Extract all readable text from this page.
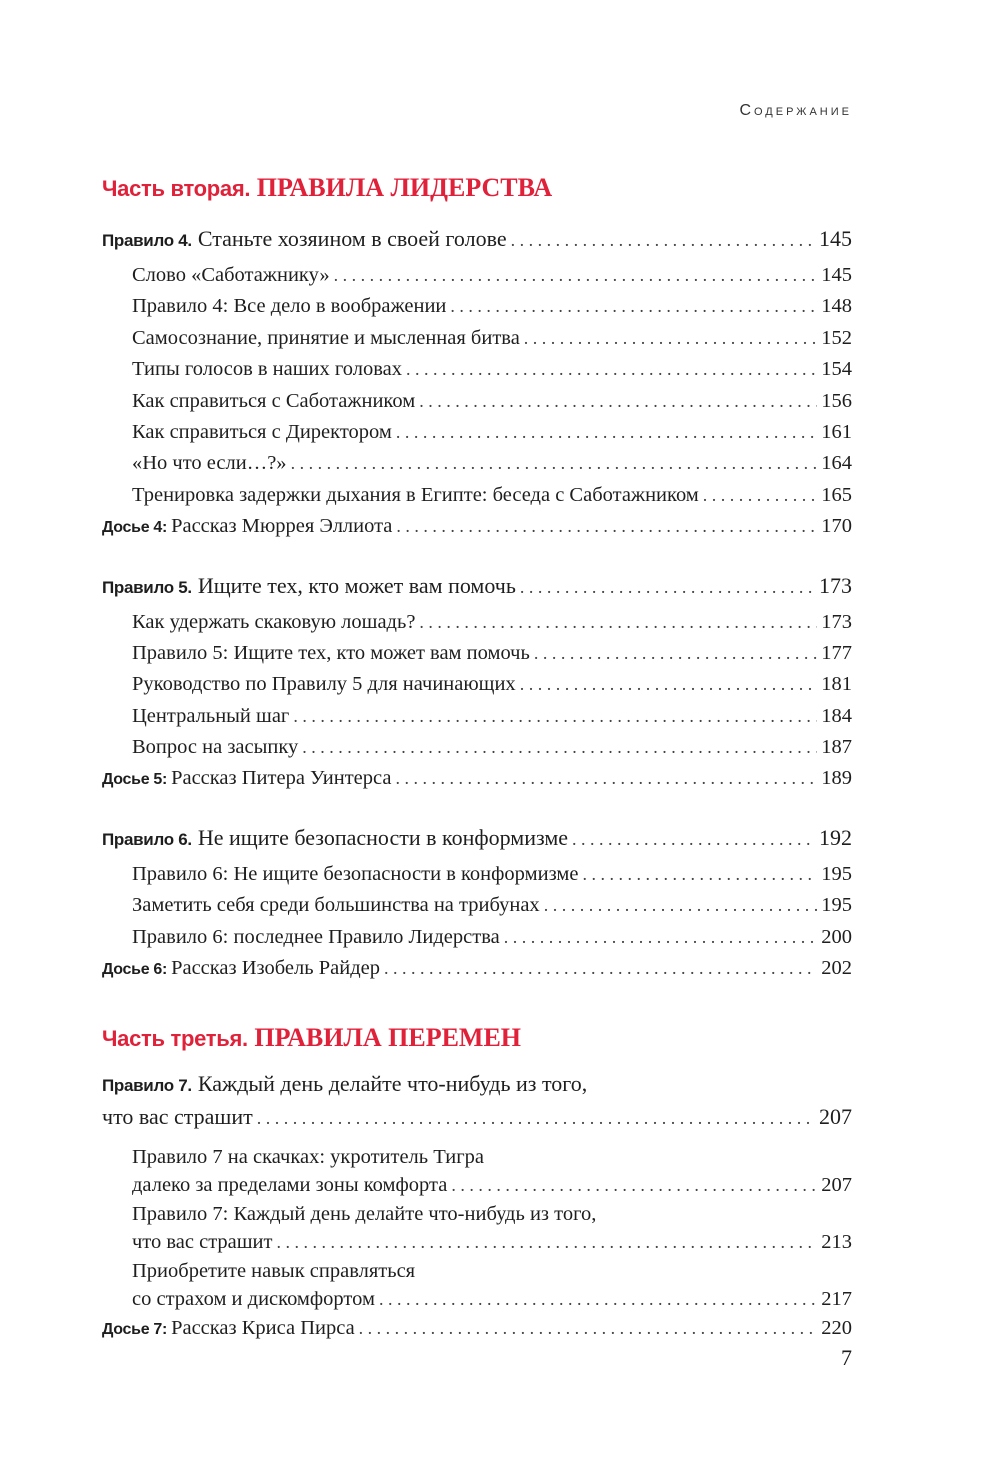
Содержание
Часть вторая. ПРАВИЛА ЛИДЕРСТВА
Правило 4. Станьте хозяином в своей голове . . .	145
Слово «Саботажнику» . . .	145
Правило 4: Все дело в воображении . . .	148
Самосознание, принятие и мысленная битва . . .	152
Типы голосов в наших головах . . .	154
Как справиться с Саботажником . . .	156
Как справиться с Директором . . .	161
«Но что если…?» . . .	164
Тренировка задержки дыхания в Египте: беседа с Саботажником . . .	165
Досье 4: Рассказ Мюррея Эллиота . . .	170
Правило 5. Ищите тех, кто может вам помочь . . .	173
Как удержать скаковую лошадь? . . .	173
Правило 5: Ищите тех, кто может вам помочь . . .	177
Руководство по Правилу 5 для начинающих . . .	181
Центральный шаг . . .	184
Вопрос на засыпку . . .	187
Досье 5: Рассказ Питера Уинтерса . . .	189
Правило 6. Не ищите безопасности в конформизме . . .	192
Правило 6: Не ищите безопасности в конформизме . . .	195
Заметить себя среди большинства на трибунах . . .	195
Правило 6: последнее Правило Лидерства . . .	200
Досье 6: Рассказ Изобель Райдер . . .	202
Часть третья. ПРАВИЛА ПЕРЕМЕН
Правило 7. Каждый день делайте что-нибудь из того,
что вас страшит . . .	207
Правило 7 на скачках: укротитель Тигра
далеко за пределами зоны комфорта . . .	207
Правило 7: Каждый день делайте что-нибудь из того,
что вас страшит . . .	213
Приобретите навык справляться
со страхом и дискомфортом . . .	217
Досье 7: Рассказ Криса Пирса . . .	220
7
